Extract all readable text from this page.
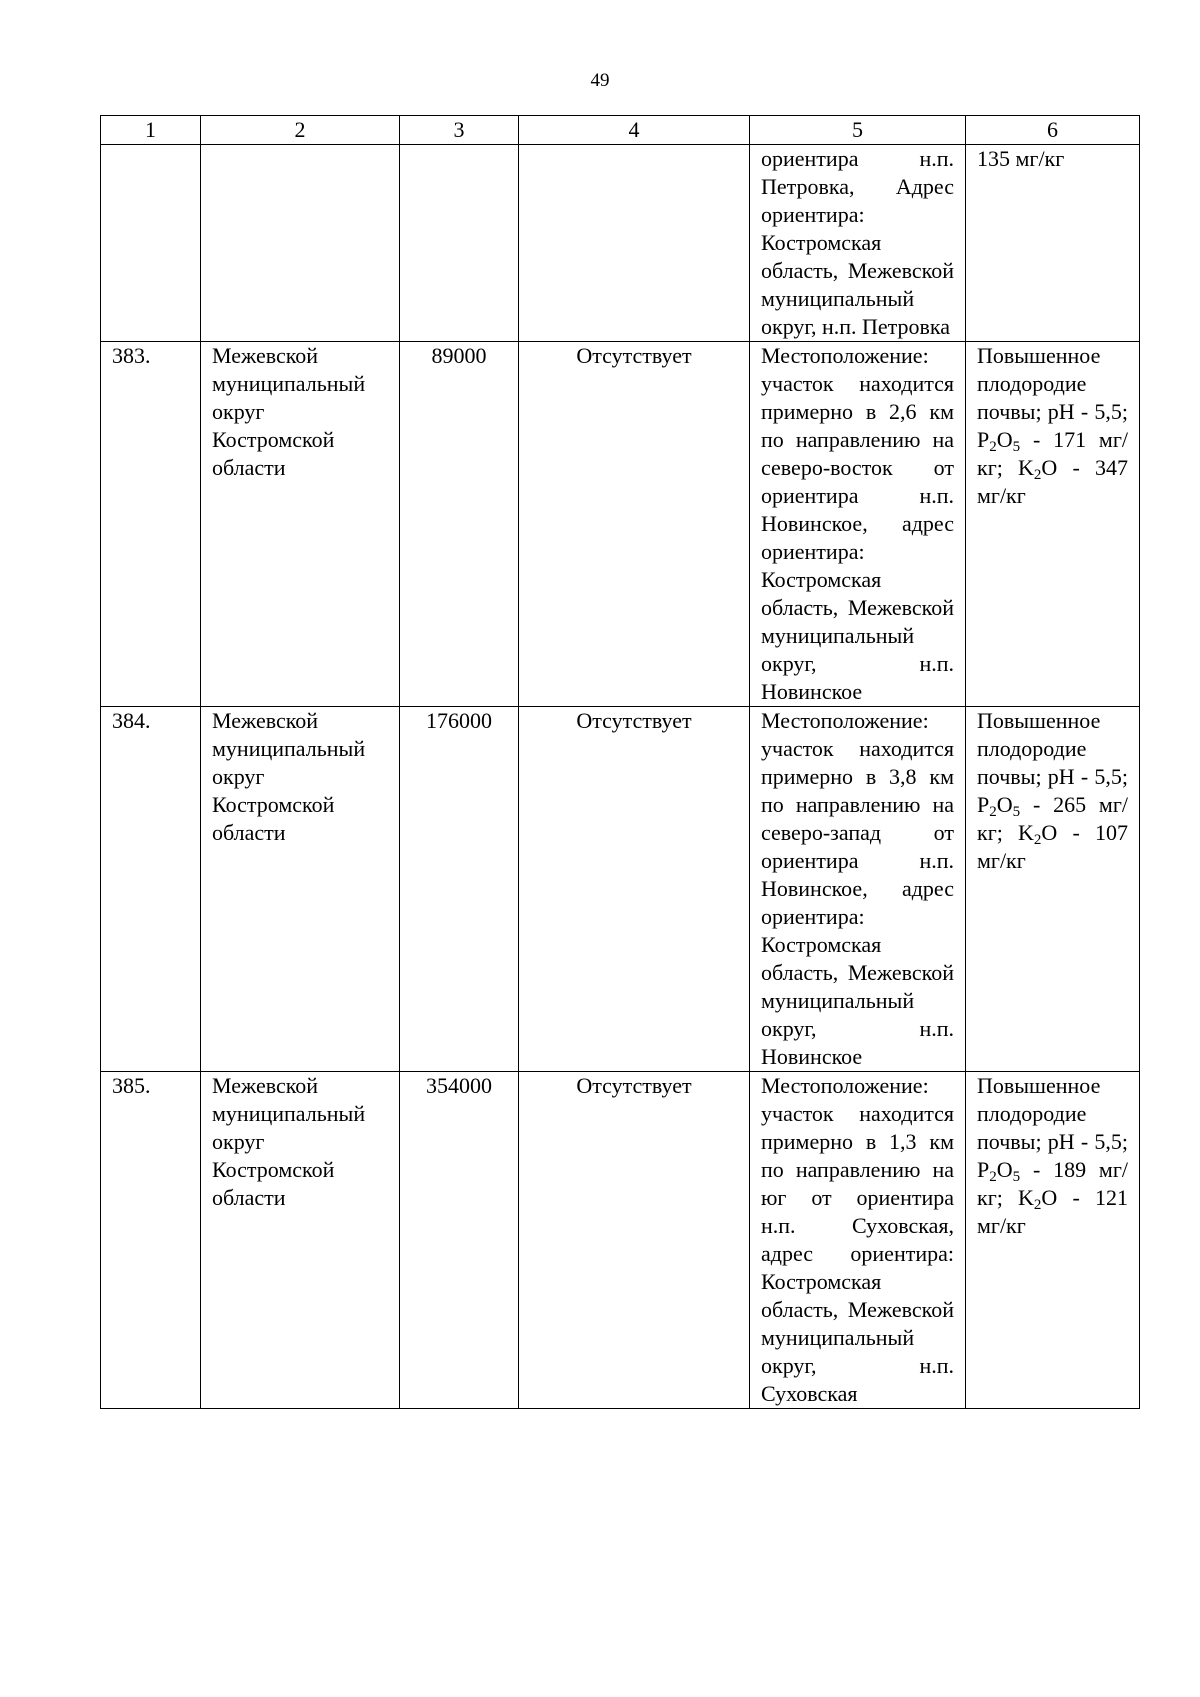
49
1	2	3	4	5	6
				ориентира н.п. Петровка, Адрес ориентира: Костромская область, Межевской муниципальный округ, н.п. Петровка	135 мг/кг
383.	Межевской муниципальный округ Костромской области	89000	Отсутствует	Местоположение: участок находится примерно в 2,6 км по направлению на северо-восток от ориентира н.п. Новинское, адрес ориентира: Костромская область, Межевской муниципальный округ, н.п. Новинское	Повышенное плодородие почвы; pH - 5,5; $P_2O_5 - 171$ мг/кг; $K_2O - 347$ мг/кг
384.	Межевской муниципальный округ Костромской области	176000	Отсутствует	Местоположение: участок находится примерно в 3,8 км по направлению на северо-запад от ориентира н.п. Новинское, адрес ориентира: Костромская область, Межевской муниципальный округ, н.п. Новинское	Повышенное плодородие почвы; pH - 5,5; $P_2O_5 - 265$ мг/кг; $K_2O - 107$ мг/кг
385.	Межевской муниципальный округ Костромской области	354000	Отсутствует	Местоположение: участок находится примерно в 1,3 км по направлению на юг от ориентира н.п. Суховская, адрес ориентира: Костромская область, Межевской муниципальный округ, н.п. Суховская	Повышенное плодородие почвы; pH - 5,5; $P_2O_5 - 189$ мг/кг; $K_2O - 121$ мг/кг
